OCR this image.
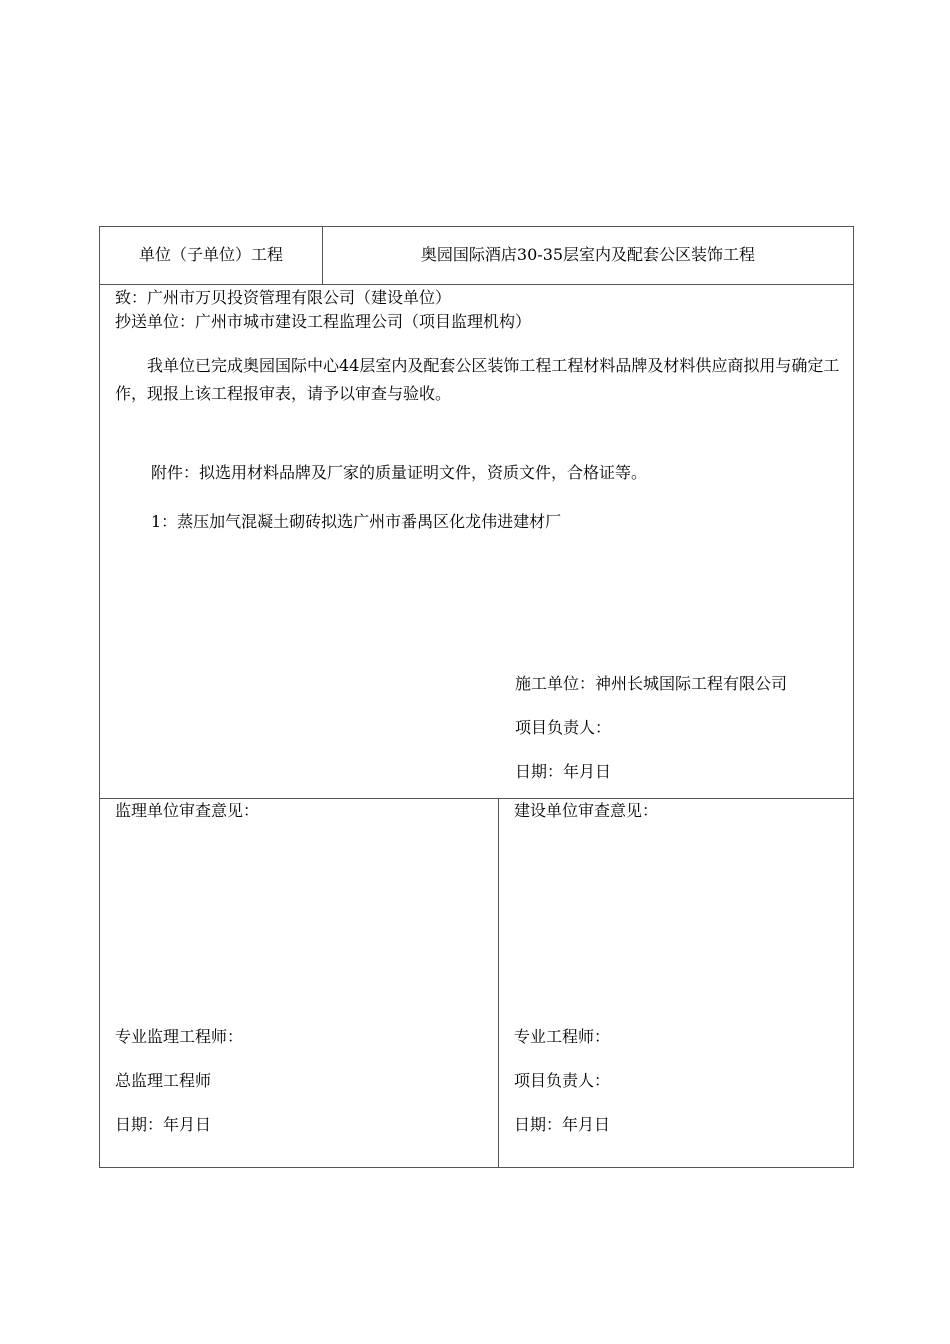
单位（子单位）工程	奥园国际酒店30-35层室内及配套公区装饰工程
致：广州市万贝投资管理有限公司（建设单位）
抄送单位：广州市城市建设工程监理公司（项目监理机构）
我单位已完成奥园国际中心44层室内及配套公区装饰工程工程材料品牌及材料供应商拟用与确定工作，现报上该工程报审表，请予以审查与验收。
附件：拟选用材料品牌及厂家的质量证明文件，资质文件，合格证等。
1：蒸压加气混凝土砌砖拟选广州市番禺区化龙伟进建材厂
施工单位：神州长城国际工程有限公司
项目负责人：
日期：年月日
监理单位审查意见：
专业监理工程师：
总监理工程师
日期：年月日
建设单位审查意见：
专业工程师：
项目负责人：
日期：年月日
